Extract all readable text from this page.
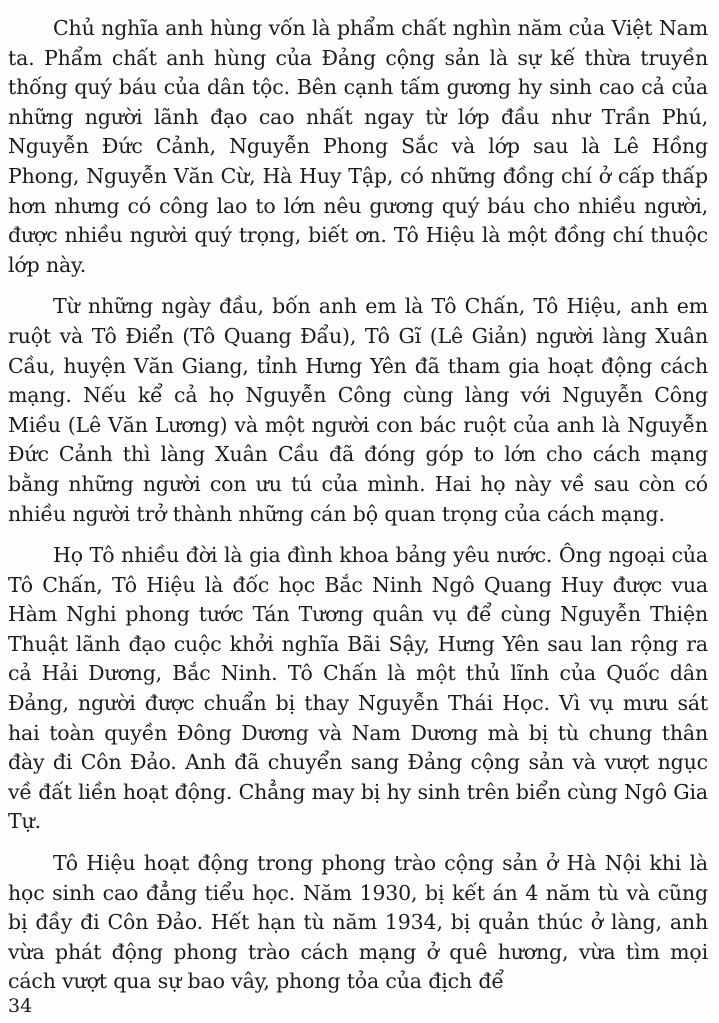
Chủ nghĩa anh hùng vốn là phẩm chất nghìn năm của Việt Nam ta. Phẩm chất anh hùng của Đảng cộng sản là sự kế thừa truyền thống quý báu của dân tộc. Bên cạnh tấm gương hy sinh cao cả của những người lãnh đạo cao nhất ngay từ lớp đầu như Trần Phú, Nguyễn Đức Cảnh, Nguyễn Phong Sắc và lớp sau là Lê Hồng Phong, Nguyễn Văn Cừ, Hà Huy Tập, có những đồng chí ở cấp thấp hơn nhưng có công lao to lớn nêu gương quý báu cho nhiều người, được nhiều người quý trọng, biết ơn. Tô Hiệu là một đồng chí thuộc lớp này.

Từ những ngày đầu, bốn anh em là Tô Chấn, Tô Hiệu, anh em ruột và Tô Điển (Tô Quang Đẩu), Tô Gĩ (Lê Giản) người làng Xuân Cầu, huyện Văn Giang, tỉnh Hưng Yên đã tham gia hoạt động cách mạng. Nếu kể cả họ Nguyễn Công cùng làng với Nguyễn Công Miều (Lê Văn Lương) và một người con bác ruột của anh là Nguyễn Đức Cảnh thì làng Xuân Cầu đã đóng góp to lớn cho cách mạng bằng những người con ưu tú của mình. Hai họ này về sau còn có nhiều người trở thành những cán bộ quan trọng của cách mạng.

Họ Tô nhiều đời là gia đình khoa bảng yêu nước. Ông ngoại của Tô Chấn, Tô Hiệu là đốc học Bắc Ninh Ngô Quang Huy được vua Hàm Nghi phong tước Tán Tương quân vụ để cùng Nguyễn Thiện Thuật lãnh đạo cuộc khởi nghĩa Bãi Sậy, Hưng Yên sau lan rộng ra cả Hải Dương, Bắc Ninh. Tô Chấn là một thủ lĩnh của Quốc dân Đảng, người được chuẩn bị thay Nguyễn Thái Học. Vì vụ mưu sát hai toàn quyền Đông Dương và Nam Dương mà bị tù chung thân đày đi Côn Đảo. Anh đã chuyển sang Đảng cộng sản và vượt ngục về đất liền hoạt động. Chẳng may bị hy sinh trên biển cùng Ngô Gia Tự.

Tô Hiệu hoạt động trong phong trào cộng sản ở Hà Nội khi là học sinh cao đẳng tiểu học. Năm 1930, bị kết án 4 năm tù và cũng bị đầy đi Côn Đảo. Hết hạn tù năm 1934, bị quản thúc ở làng, anh vừa phát động phong trào cách mạng ở quê hương, vừa tìm mọi cách vượt qua sự bao vây, phong tỏa của địch để

34
